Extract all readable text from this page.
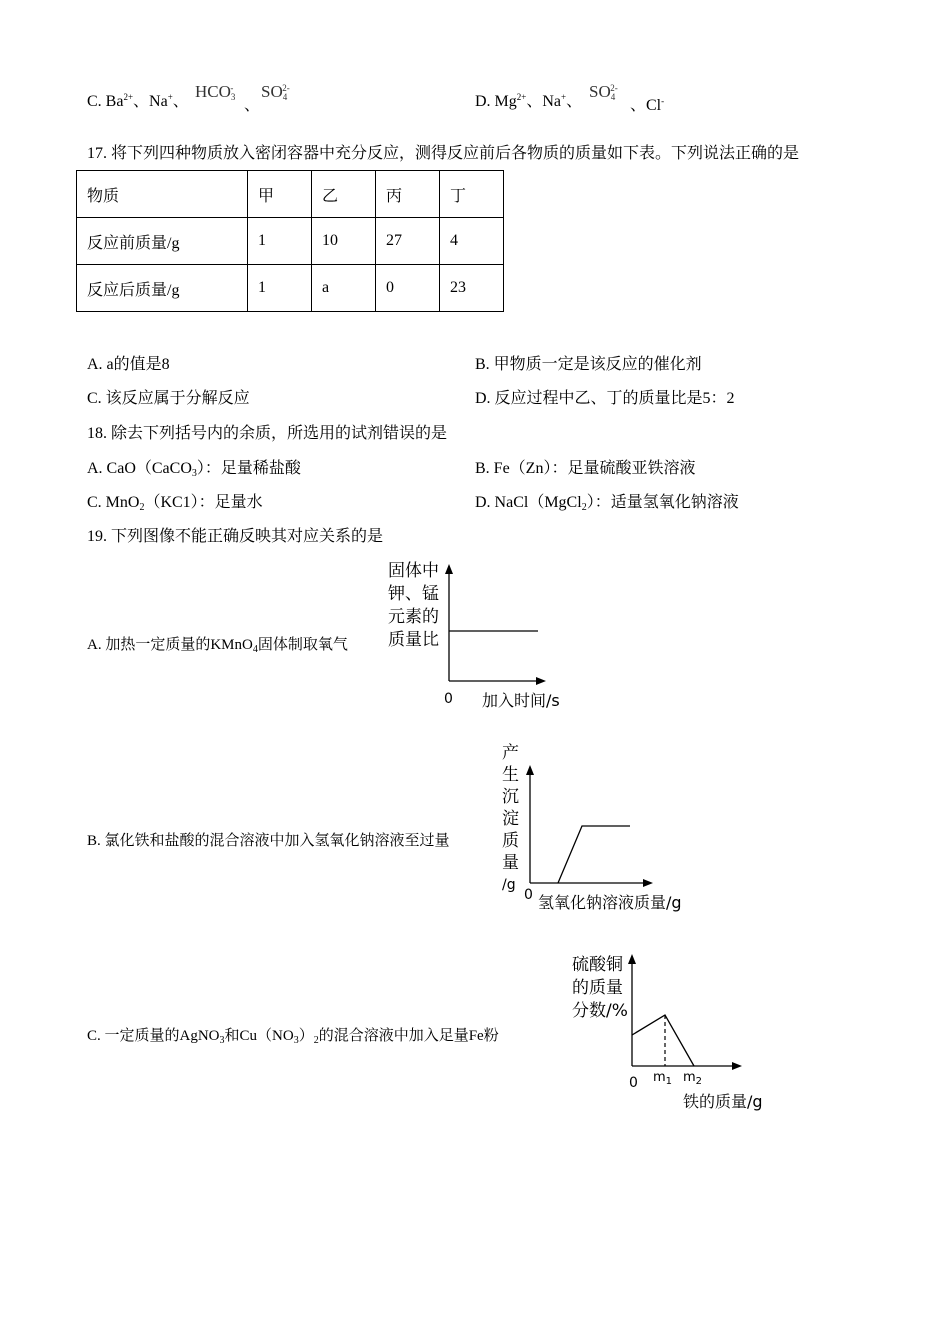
C. $Ba^{2+}$、Na+、
$HCO_3^-$
、
$SO_4^{2-}$
D. $Mg^{2+}$、Na+、
$SO_4^{2-}$
、Cl-
17. 将下列四种物质放入密闭容器中充分反应，测得反应前后各物质的质量如下表。下列说法正确的是
物质	甲	乙	丙	丁
反应前质量/g	1	10	27	4
反应后质量/g	1	a	0	23
A. a的值是8	B. 甲物质一定是该反应的催化剂
C. 该反应属于分解反应	D. 反应过程中乙、丁的质量比是5：2
18. 除去下列括号内的余质，所选用的试剂错误的是
A. CaO（CaCO$_3$）：足量稀盐酸	B. Fe（Zn）：足量硫酸亚铁溶液
C. MnO$_2$（KC1）：足量水	D. NaCl（MgCl$_2$）：适量氢氧化钠溶液
19. 下列图像不能正确反映其对应关系的是
A. 加热一定质量的KMnO$_4$固体制取氧气
固体中
钾、锰
元素的
质量比
0 加入时间/s
B. 氯化铁和盐酸的混合溶液中加入氢氧化钠溶液至过量
产
生
沉
淀
质
量
/g
0 氢氧化钠溶液质量/g
C. 一定质量的AgNO$_3$和$Cu(NO_3)_2$的混合溶液中加入足量Fe粉
硫酸铜
的质量
分数/%
0 $m_1$ $m_2$
铁的质量/g
